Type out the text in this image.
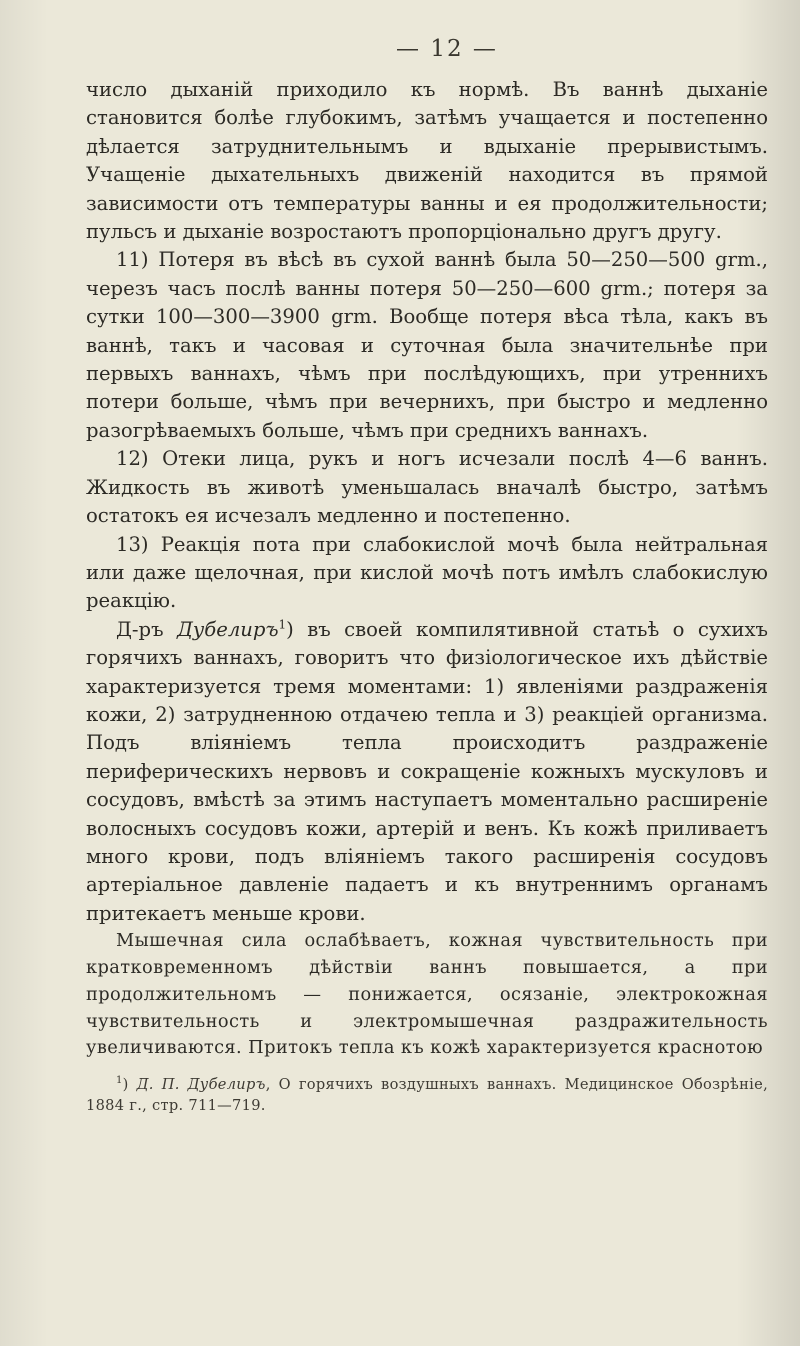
— 12 —

число дыханій приходило къ нормѣ. Въ ваннѣ дыханіе становится болѣе глубокимъ, затѣмъ учащается и постепенно дѣлается затруднительнымъ и вдыханіе прерывистымъ. Учащеніе дыхательныхъ движеній находится въ прямой зависимости отъ температуры ванны и ея продолжительности; пульсъ и дыханіе возростаютъ пропорціонально другъ другу.

11) Потеря въ вѣсѣ въ сухой ваннѣ была 50—250—500 grm., черезъ часъ послѣ ванны потеря 50—250—600 grm.; потеря за сутки 100—300—3900 grm. Вообще потеря вѣса тѣла, какъ въ ваннѣ, такъ и часовая и суточная была значительнѣе при первыхъ ваннахъ, чѣмъ при послѣдующихъ, при утреннихъ потери больше, чѣмъ при вечернихъ, при быстро и медленно разогрѣваемыхъ больше, чѣмъ при среднихъ ваннахъ.

12) Отеки лица, рукъ и ногъ исчезали послѣ 4—6 ваннъ. Жидкость въ животѣ уменьшалась вначалѣ быстро, затѣмъ остатокъ ея исчезалъ медленно и постепенно.

13) Реакція пота при слабокислой мочѣ была нейтральная или даже щелочная, при кислой мочѣ потъ имѣлъ слабокислую реакцію.

Д-ръ Дубелиръ$^1$) въ своей компилятивной статьѣ о сухихъ горячихъ ваннахъ, говоритъ что физіологическое ихъ дѣйствіе характеризуется тремя моментами: 1) явленіями раздраженія кожи, 2) затрудненною отдачею тепла и 3) реакціей организма. Подъ вліяніемъ тепла происходитъ раздраженіе периферическихъ нервовъ и сокращеніе кожныхъ мускуловъ и сосудовъ, вмѣстѣ за этимъ наступаетъ моментально расширеніе волосныхъ сосудовъ кожи, артерій и венъ. Къ кожѣ приливаетъ много крови, подъ вліяніемъ такого расширенія сосудовъ артеріальное давленіе падаетъ и къ внутреннимъ органамъ притекаетъ меньше крови.

Мышечная сила ослабѣваетъ, кожная чувствительность при кратковременномъ дѣйствіи ваннъ повышается, а при продолжительномъ — понижается, осязаніе, электрокожная чувствительность и электромышечная раздражительность увеличиваются. Притокъ тепла къ кожѣ характеризуется краснотою

$^1$) Д. П. Дубелиръ, О горячихъ воздушныхъ ваннахъ. Медицинское Обозрѣніе, 1884 г., стр. 711—719.
